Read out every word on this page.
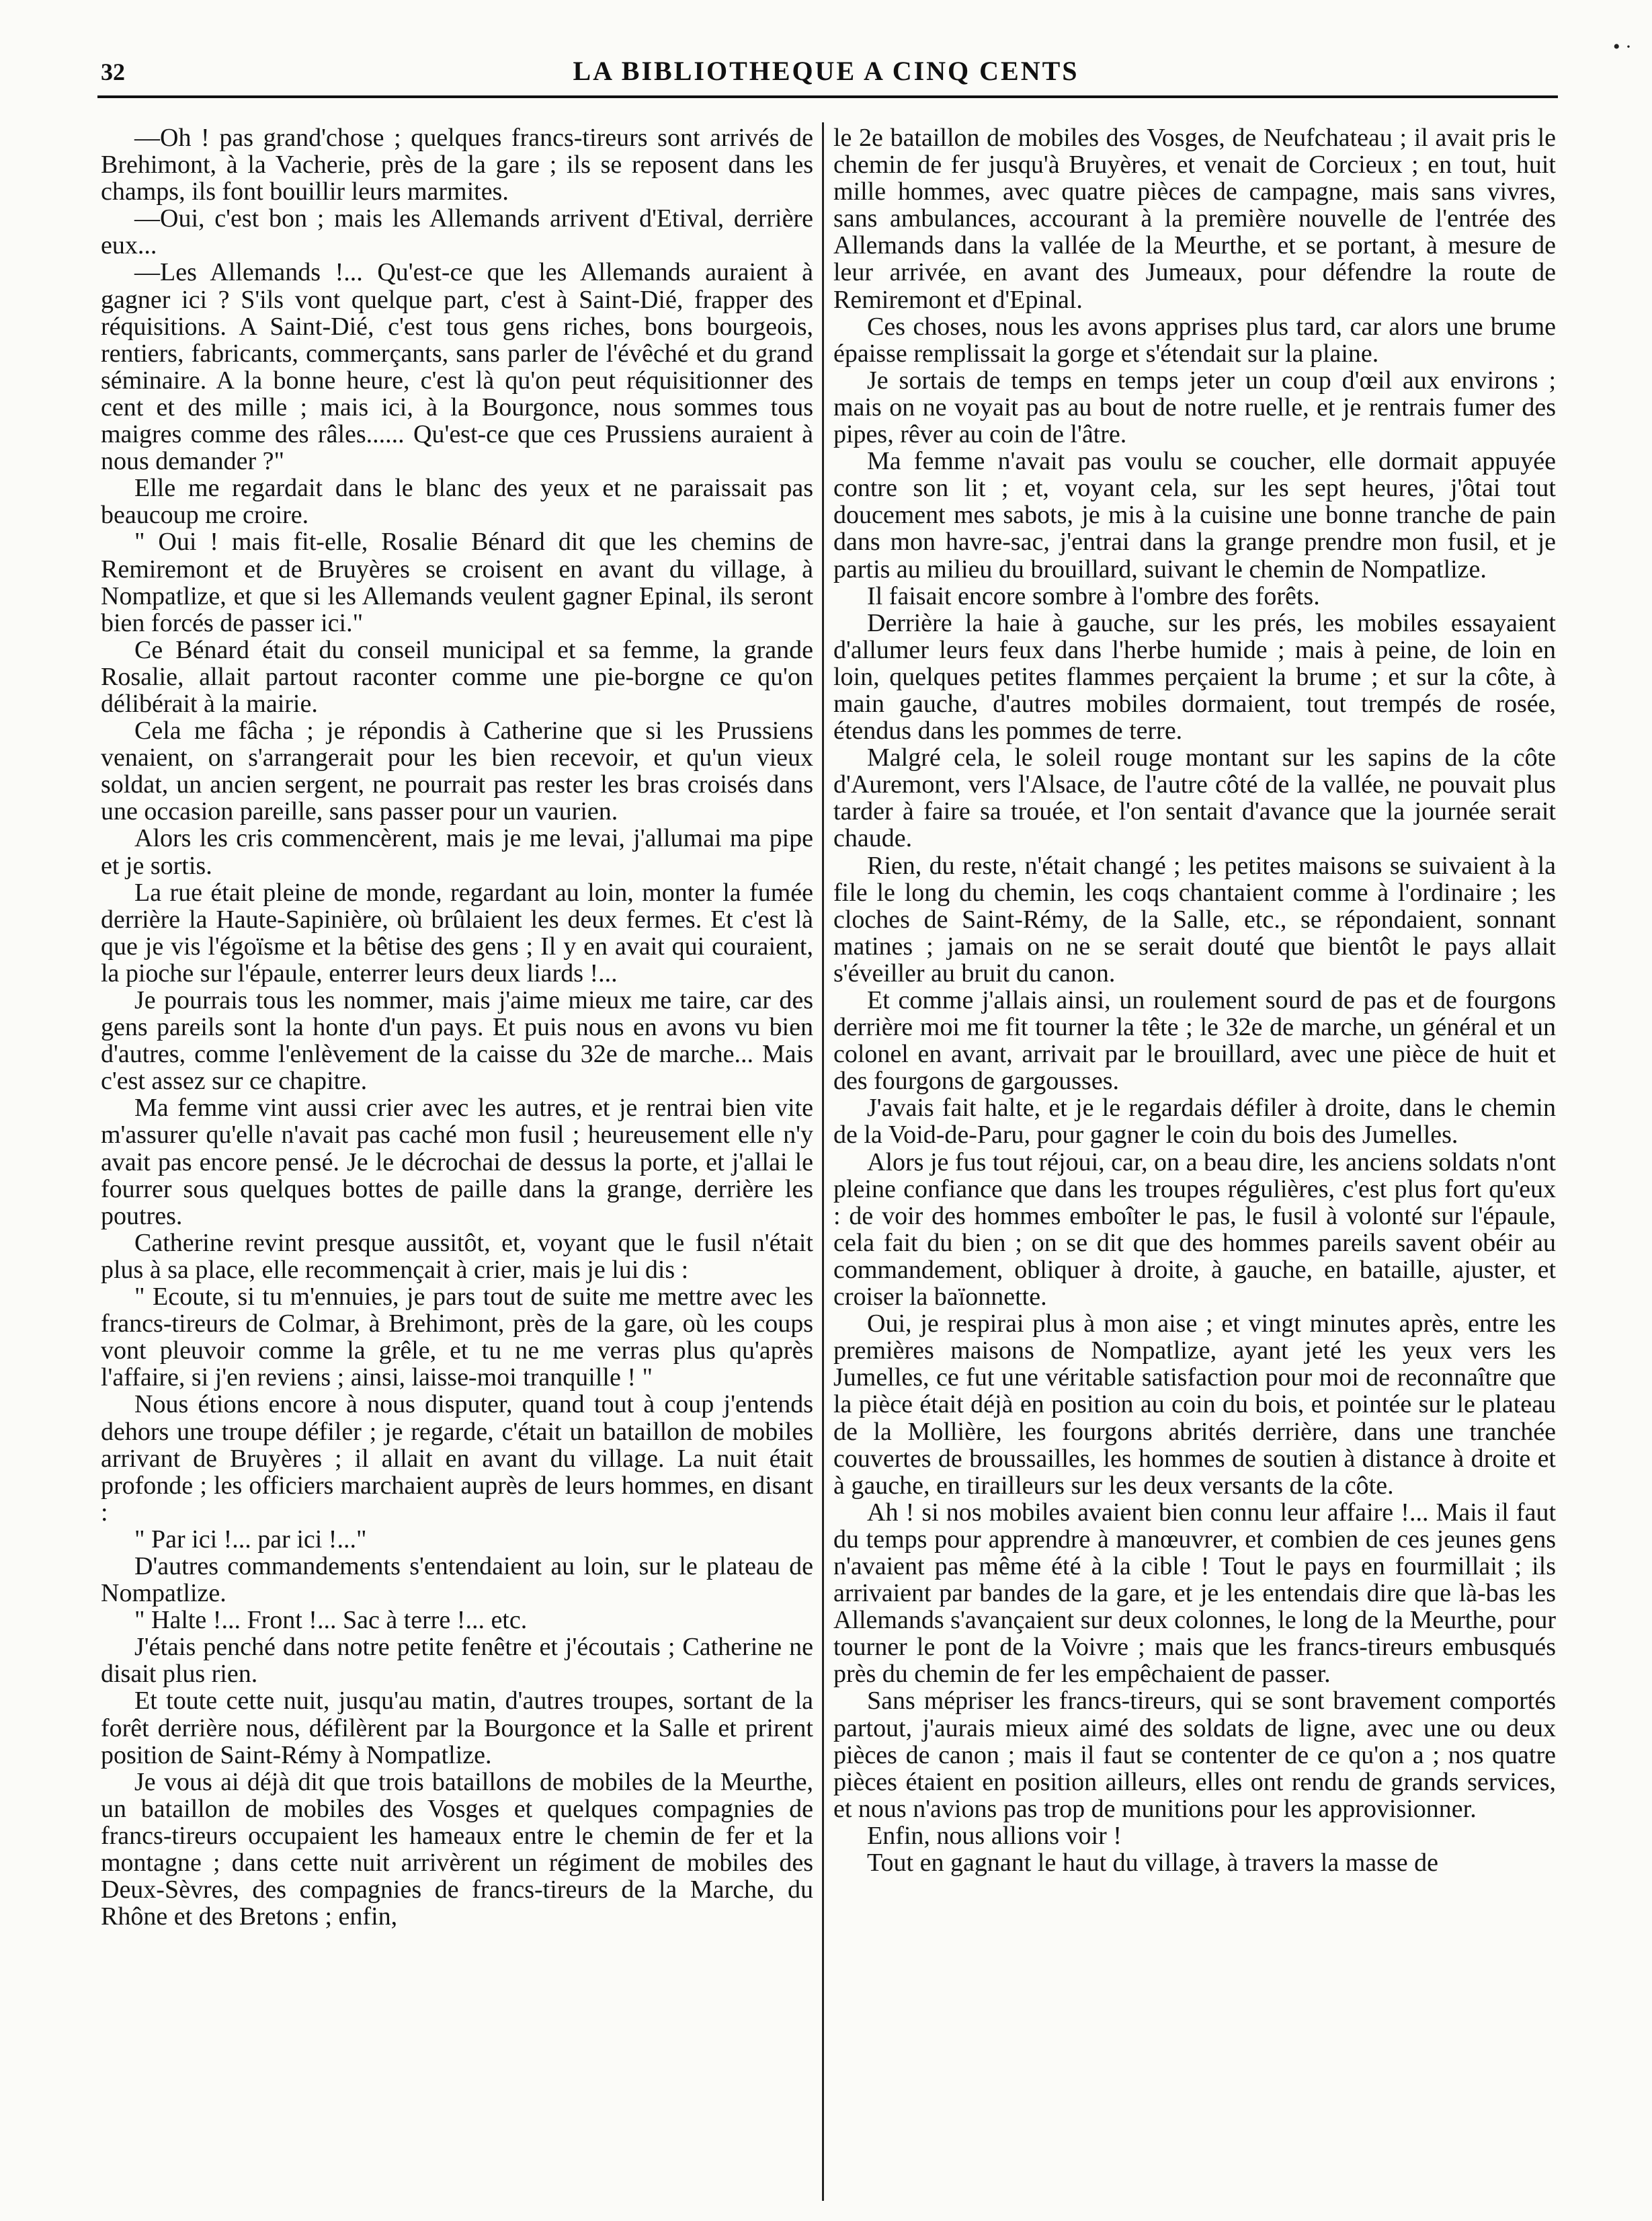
32	LA BIBLIOTHEQUE A CINQ CENTS
• ·

—Oh ! pas grand'chose ; quelques francs-tireurs sont arrivés de Brehimont, à la Vacherie, près de la gare ; ils se reposent dans les champs, ils font bouillir leurs marmites.

—Oui, c'est bon ; mais les Allemands arrivent d'Etival, derrière eux...

—Les Allemands !... Qu'est-ce que les Allemands auraient à gagner ici ? S'ils vont quelque part, c'est à Saint-Dié, frapper des réquisitions. A Saint-Dié, c'est tous gens riches, bons bourgeois, rentiers, fabricants, commerçants, sans parler de l'évêché et du grand séminaire. A la bonne heure, c'est là qu'on peut réquisitionner des cent et des mille ; mais ici, à la Bourgonce, nous sommes tous maigres comme des râles...... Qu'est-ce que ces Prussiens auraient à nous demander ?"

Elle me regardait dans le blanc des yeux et ne paraissait pas beaucoup me croire.

" Oui ! mais fit-elle, Rosalie Bénard dit que les chemins de Remiremont et de Bruyères se croisent en avant du village, à Nompatlize, et que si les Allemands veulent gagner Epinal, ils seront bien forcés de passer ici."

Ce Bénard était du conseil municipal et sa femme, la grande Rosalie, allait partout raconter comme une pie-borgne ce qu'on délibérait à la mairie.

Cela me fâcha ; je répondis à Catherine que si les Prussiens venaient, on s'arrangerait pour les bien recevoir, et qu'un vieux soldat, un ancien sergent, ne pourrait pas rester les bras croisés dans une occasion pareille, sans passer pour un vaurien.

Alors les cris commencèrent, mais je me levai, j'allumai ma pipe et je sortis.

La rue était pleine de monde, regardant au loin, monter la fumée derrière la Haute-Sapinière, où brûlaient les deux fermes. Et c'est là que je vis l'égoïsme et la bêtise des gens ; Il y en avait qui couraient, la pioche sur l'épaule, enterrer leurs deux liards !...

Je pourrais tous les nommer, mais j'aime mieux me taire, car des gens pareils sont la honte d'un pays. Et puis nous en avons vu bien d'autres, comme l'enlèvement de la caisse du 32e de marche... Mais c'est assez sur ce chapitre.

Ma femme vint aussi crier avec les autres, et je rentrai bien vite m'assurer qu'elle n'avait pas caché mon fusil ; heureusement elle n'y avait pas encore pensé. Je le décrochai de dessus la porte, et j'allai le fourrer sous quelques bottes de paille dans la grange, derrière les poutres.

Catherine revint presque aussitôt, et, voyant que le fusil n'était plus à sa place, elle recommençait à crier, mais je lui dis :

" Ecoute, si tu m'ennuies, je pars tout de suite me mettre avec les francs-tireurs de Colmar, à Brehimont, près de la gare, où les coups vont pleuvoir comme la grêle, et tu ne me verras plus qu'après l'affaire, si j'en reviens ; ainsi, laisse-moi tranquille ! "

Nous étions encore à nous disputer, quand tout à coup j'entends dehors une troupe défiler ; je regarde, c'était un bataillon de mobiles arrivant de Bruyères ; il allait en avant du village. La nuit était profonde ; les officiers marchaient auprès de leurs hommes, en disant :

" Par ici !... par ici !..."

D'autres commandements s'entendaient au loin, sur le plateau de Nompatlize.

" Halte !... Front !... Sac à terre !... etc.

J'étais penché dans notre petite fenêtre et j'écoutais ; Catherine ne disait plus rien.

Et toute cette nuit, jusqu'au matin, d'autres troupes, sortant de la forêt derrière nous, défilèrent par la Bourgonce et la Salle et prirent position de Saint-Rémy à Nompatlize.

Je vous ai déjà dit que trois bataillons de mobiles de la Meurthe, un bataillon de mobiles des Vosges et quelques compagnies de francs-tireurs occupaient les hameaux entre le chemin de fer et la montagne ; dans cette nuit arrivèrent un régiment de mobiles des Deux-Sèvres, des compagnies de francs-tireurs de la Marche, du Rhône et des Bretons ; enfin,

le 2e bataillon de mobiles des Vosges, de Neufchateau ; il avait pris le chemin de fer jusqu'à Bruyères, et venait de Corcieux ; en tout, huit mille hommes, avec quatre pièces de campagne, mais sans vivres, sans ambulances, accourant à la première nouvelle de l'entrée des Allemands dans la vallée de la Meurthe, et se portant, à mesure de leur arrivée, en avant des Jumeaux, pour défendre la route de Remiremont et d'Epinal.

Ces choses, nous les avons apprises plus tard, car alors une brume épaisse remplissait la gorge et s'étendait sur la plaine.

Je sortais de temps en temps jeter un coup d'œil aux environs ; mais on ne voyait pas au bout de notre ruelle, et je rentrais fumer des pipes, rêver au coin de l'âtre.

Ma femme n'avait pas voulu se coucher, elle dormait appuyée contre son lit ; et, voyant cela, sur les sept heures, j'ôtai tout doucement mes sabots, je mis à la cuisine une bonne tranche de pain dans mon havre-sac, j'entrai dans la grange prendre mon fusil, et je partis au milieu du brouillard, suivant le chemin de Nompatlize.

Il faisait encore sombre à l'ombre des forêts.

Derrière la haie à gauche, sur les prés, les mobiles essayaient d'allumer leurs feux dans l'herbe humide ; mais à peine, de loin en loin, quelques petites flammes perçaient la brume ; et sur la côte, à main gauche, d'autres mobiles dormaient, tout trempés de rosée, étendus dans les pommes de terre.

Malgré cela, le soleil rouge montant sur les sapins de la côte d'Auremont, vers l'Alsace, de l'autre côté de la vallée, ne pouvait plus tarder à faire sa trouée, et l'on sentait d'avance que la journée serait chaude.

Rien, du reste, n'était changé ; les petites maisons se suivaient à la file le long du chemin, les coqs chantaient comme à l'ordinaire ; les cloches de Saint-Rémy, de la Salle, etc., se répondaient, sonnant matines ; jamais on ne se serait douté que bientôt le pays allait s'éveiller au bruit du canon.

Et comme j'allais ainsi, un roulement sourd de pas et de fourgons derrière moi me fit tourner la tête ; le 32e de marche, un général et un colonel en avant, arrivait par le brouillard, avec une pièce de huit et des fourgons de gargousses.

J'avais fait halte, et je le regardais défiler à droite, dans le chemin de la Void-de-Paru, pour gagner le coin du bois des Jumelles.

Alors je fus tout réjoui, car, on a beau dire, les anciens soldats n'ont pleine confiance que dans les troupes régulières, c'est plus fort qu'eux : de voir des hommes emboîter le pas, le fusil à volonté sur l'épaule, cela fait du bien ; on se dit que des hommes pareils savent obéir au commandement, obliquer à droite, à gauche, en bataille, ajuster, et croiser la baïonnette.

Oui, je respirai plus à mon aise ; et vingt minutes après, entre les premières maisons de Nompatlize, ayant jeté les yeux vers les Jumelles, ce fut une véritable satisfaction pour moi de reconnaître que la pièce était déjà en position au coin du bois, et pointée sur le plateau de la Mollière, les fourgons abrités derrière, dans une tranchée couvertes de broussailles, les hommes de soutien à distance à droite et à gauche, en tirailleurs sur les deux versants de la côte.

Ah ! si nos mobiles avaient bien connu leur affaire !... Mais il faut du temps pour apprendre à manœuvrer, et combien de ces jeunes gens n'avaient pas même été à la cible ! Tout le pays en fourmillait ; ils arrivaient par bandes de la gare, et je les entendais dire que là-bas les Allemands s'avançaient sur deux colonnes, le long de la Meurthe, pour tourner le pont de la Voivre ; mais que les francs-tireurs embusqués près du chemin de fer les empêchaient de passer.

Sans mépriser les francs-tireurs, qui se sont bravement comportés partout, j'aurais mieux aimé des soldats de ligne, avec une ou deux pièces de canon ; mais il faut se contenter de ce qu'on a ; nos quatre pièces étaient en position ailleurs, elles ont rendu de grands services, et nous n'avions pas trop de munitions pour les approvisionner.

Enfin, nous allions voir !

Tout en gagnant le haut du village, à travers la masse de
